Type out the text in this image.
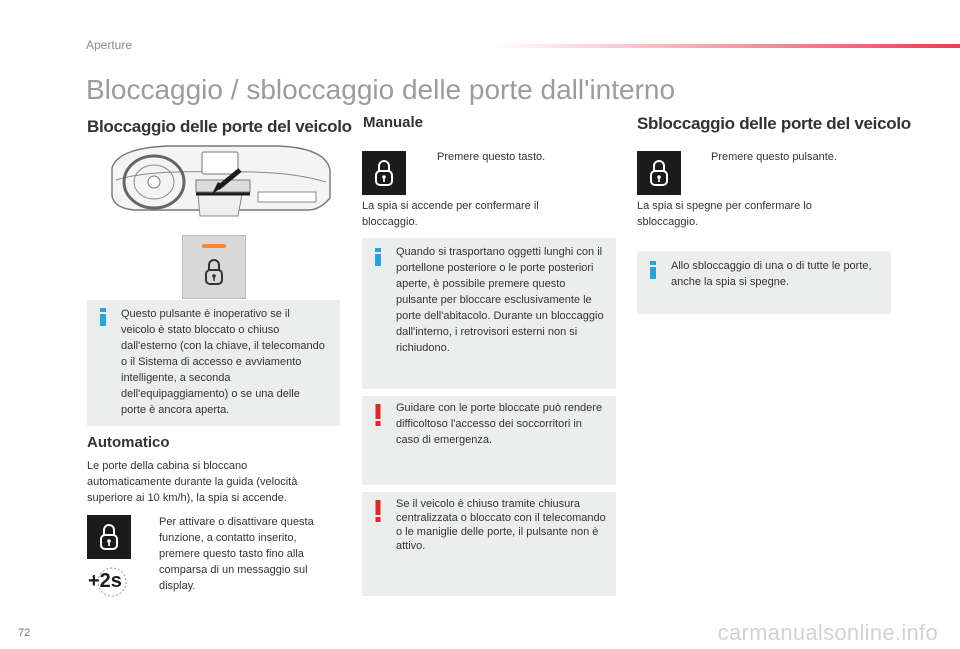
Aperture
Bloccaggio / sbloccaggio delle porte dall'interno
Bloccaggio delle porte del veicolo
Questo pulsante è inoperativo se il veicolo è stato bloccato o chiuso dall'esterno (con la chiave, il telecomando o il Sistema di accesso e avviamento intelligente, a seconda dell'equipaggiamento) o se una delle porte è ancora aperta.
Automatico
Le porte della cabina si bloccano automaticamente durante la guida (velocità superiore ai 10 km/h), la spia si accende.
+2s
Per attivare o disattivare questa funzione, a contatto inserito, premere questo tasto fino alla comparsa di un messaggio sul display.
Manuale
Premere questo tasto.
La spia si accende per confermare il bloccaggio.
Quando si trasportano oggetti lunghi con il portellone posteriore o le porte posteriori aperte, è possibile premere questo pulsante per bloccare esclusivamente le porte dell'abitacolo. Durante un bloccaggio dall'interno, i retrovisori esterni non si richiudono.
Guidare con le porte bloccate può rendere difficoltoso l'accesso dei soccorritori in caso di emergenza.
Se il veicolo è chiuso tramite chiusura centralizzata o bloccato con il telecomando o le maniglie delle porte, il pulsante non è attivo.
Sbloccaggio delle porte del veicolo
Premere questo pulsante.
La spia si spegne per confermare lo sbloccaggio.
Allo sbloccaggio di una o di tutte le porte, anche la spia si spegne.
72	carmanualsonline.info
